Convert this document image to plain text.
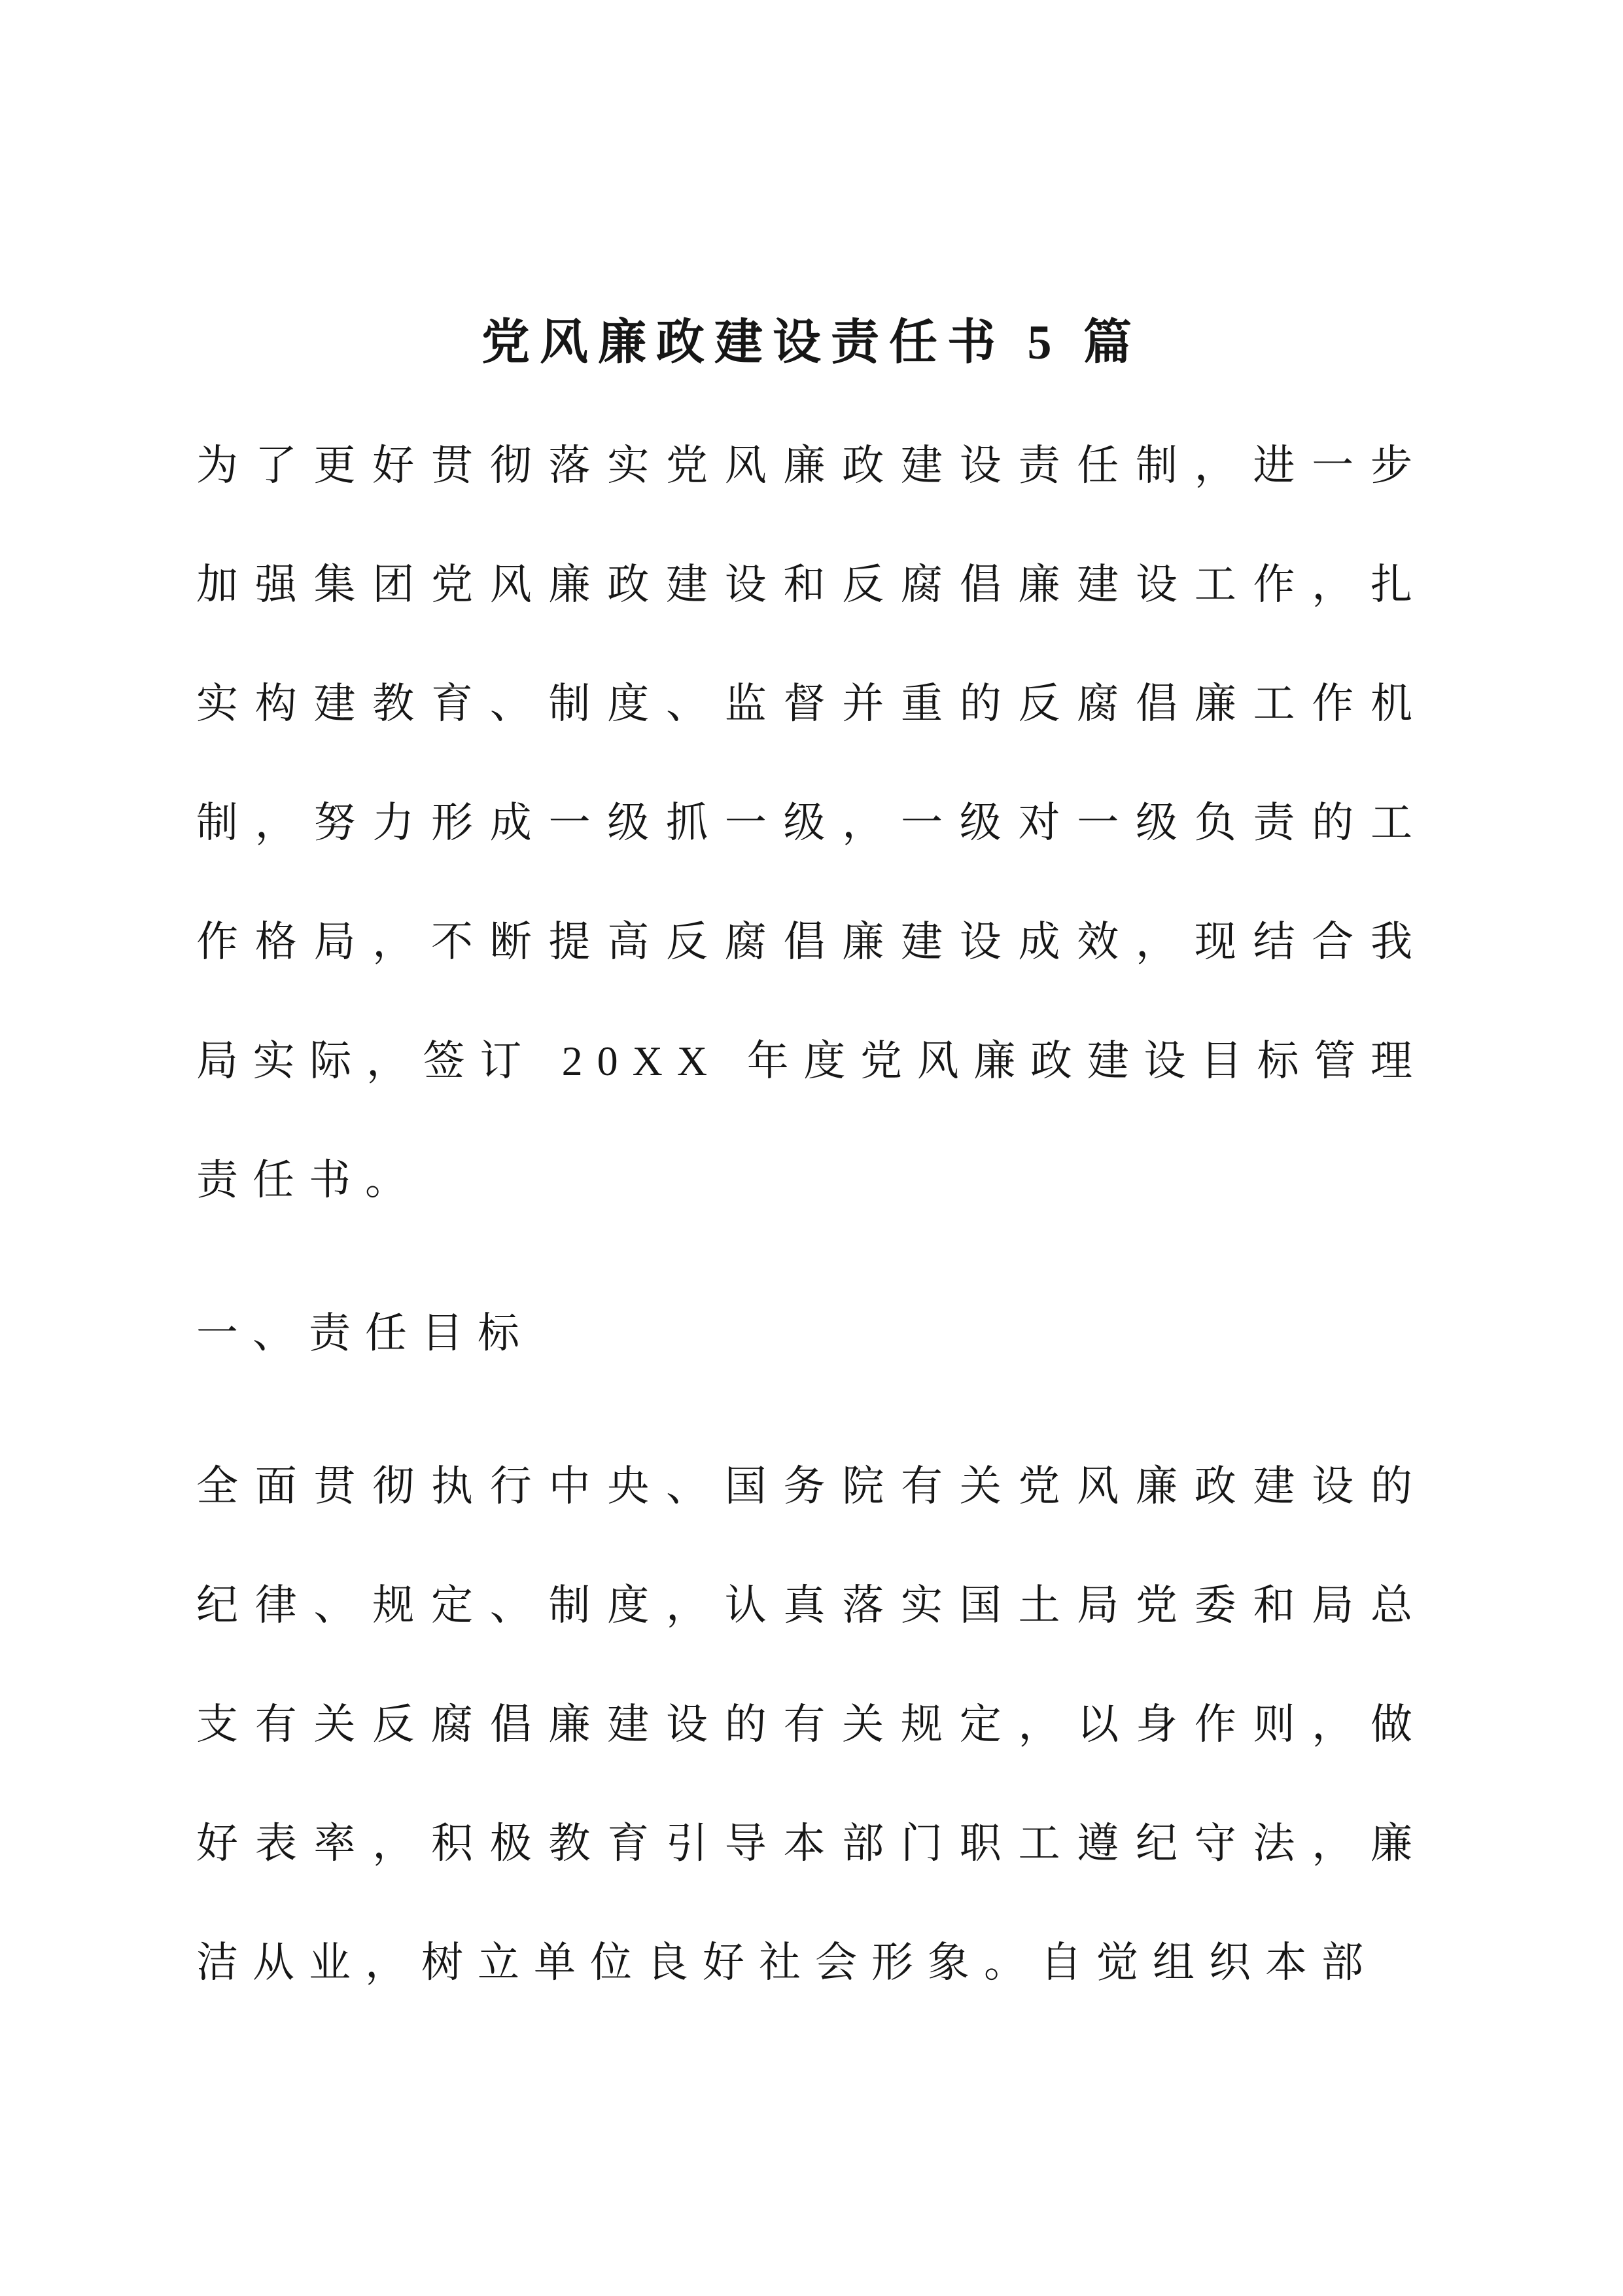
党风廉政建设责任书 5 篇

为了更好贯彻落实党风廉政建设责任制，进一步加强集团党风廉政建设和反腐倡廉建设工作，扎实构建教育、制度、监督并重的反腐倡廉工作机制，努力形成一级抓一级，一级对一级负责的工作格局，不断提高反腐倡廉建设成效，现结合我局实际，签订 20XX 年度党风廉政建设目标管理责任书。

一、责任目标

全面贯彻执行中央、国务院有关党风廉政建设的纪律、规定、制度，认真落实国土局党委和局总支有关反腐倡廉建设的有关规定，以身作则，做好表率，积极教育引导本部门职工遵纪守法，廉洁从业，树立单位良好社会形象。自觉组织本部
